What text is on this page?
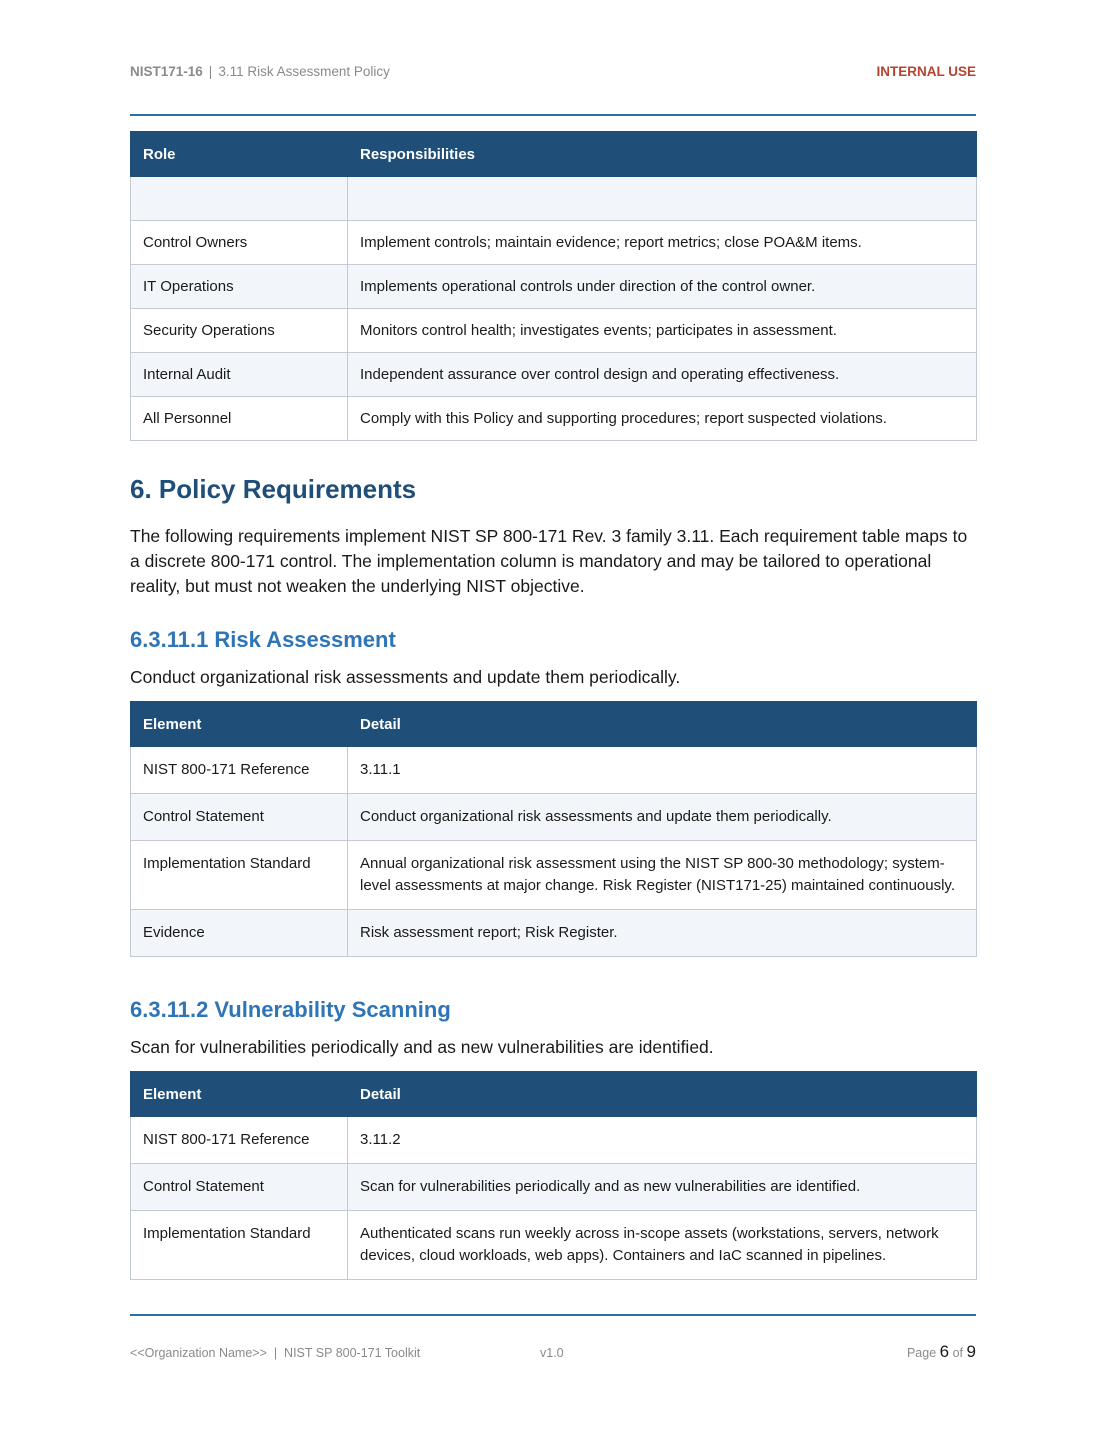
NIST171-16 | 3.11 Risk Assessment Policy	INTERNAL USE
Role	Responsibilities

Control Owners	Implement controls; maintain evidence; report metrics; close POA&M items.
IT Operations	Implements operational controls under direction of the control owner.
Security Operations	Monitors control health; investigates events; participates in assessment.
Internal Audit	Independent assurance over control design and operating effectiveness.
All Personnel	Comply with this Policy and supporting procedures; report suspected violations.
6. Policy Requirements

The following requirements implement NIST SP 800-171 Rev. 3 family 3.11. Each requirement table maps to a discrete 800-171 control. The implementation column is mandatory and may be tailored to operational reality, but must not weaken the underlying NIST objective.

6.3.11.1 Risk Assessment

Conduct organizational risk assessments and update them periodically.

Element	Detail
NIST 800-171 Reference	3.11.1
Control Statement	Conduct organizational risk assessments and update them periodically.
Implementation Standard	Annual organizational risk assessment using the NIST SP 800-30 methodology; system-level assessments at major change. Risk Register (NIST171-25) maintained continuously.
Evidence	Risk assessment report; Risk Register.
6.3.11.2 Vulnerability Scanning

Scan for vulnerabilities periodically and as new vulnerabilities are identified.

Element	Detail
NIST 800-171 Reference	3.11.2
Control Statement	Scan for vulnerabilities periodically and as new vulnerabilities are identified.
Implementation Standard	Authenticated scans run weekly across in-scope assets (workstations, servers, network devices, cloud workloads, web apps). Containers and IaC scanned in pipelines.
<<Organization Name>> | NIST SP 800-171 Toolkit	v1.0	Page 6 of 9
